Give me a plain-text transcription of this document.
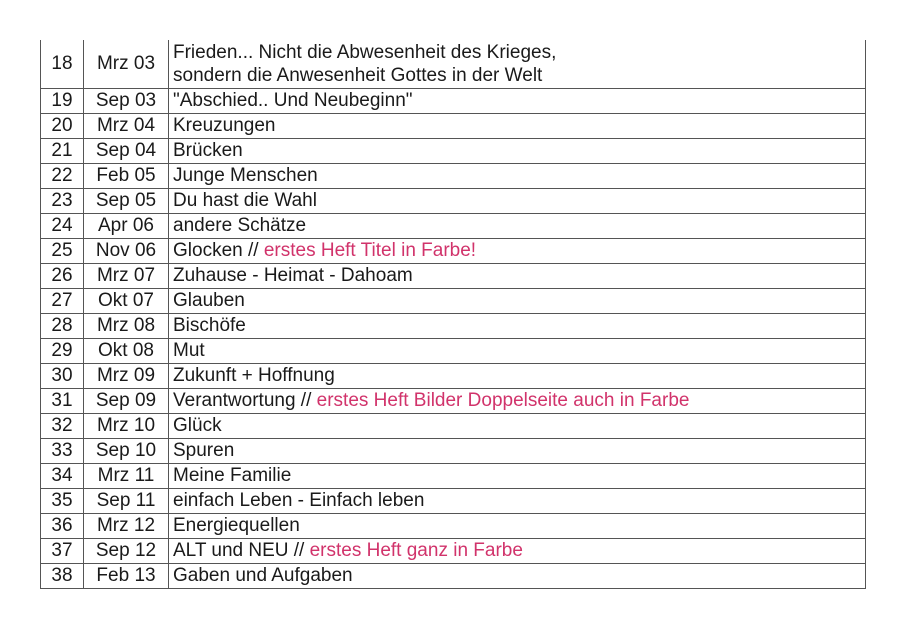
18	Mrz 03	Frieden... Nicht die Abwesenheit des Krieges,
sondern die Anwesenheit Gottes in der Welt
19	Sep 03	"Abschied.. Und Neubeginn"
20	Mrz 04	Kreuzungen
21	Sep 04	Brücken
22	Feb 05	Junge Menschen
23	Sep 05	Du hast die Wahl
24	Apr 06	andere Schätze
25	Nov 06	Glocken // erstes Heft Titel in Farbe!
26	Mrz 07	Zuhause - Heimat - Dahoam
27	Okt 07	Glauben
28	Mrz 08	Bischöfe
29	Okt 08	Mut
30	Mrz 09	Zukunft + Hoffnung
31	Sep 09	Verantwortung // erstes Heft Bilder Doppelseite auch in Farbe
32	Mrz 10	Glück
33	Sep 10	Spuren
34	Mrz 11	Meine Familie
35	Sep 11	einfach Leben - Einfach leben
36	Mrz 12	Energiequellen
37	Sep 12	ALT und NEU // erstes Heft ganz in Farbe
38	Feb 13	Gaben und Aufgaben
